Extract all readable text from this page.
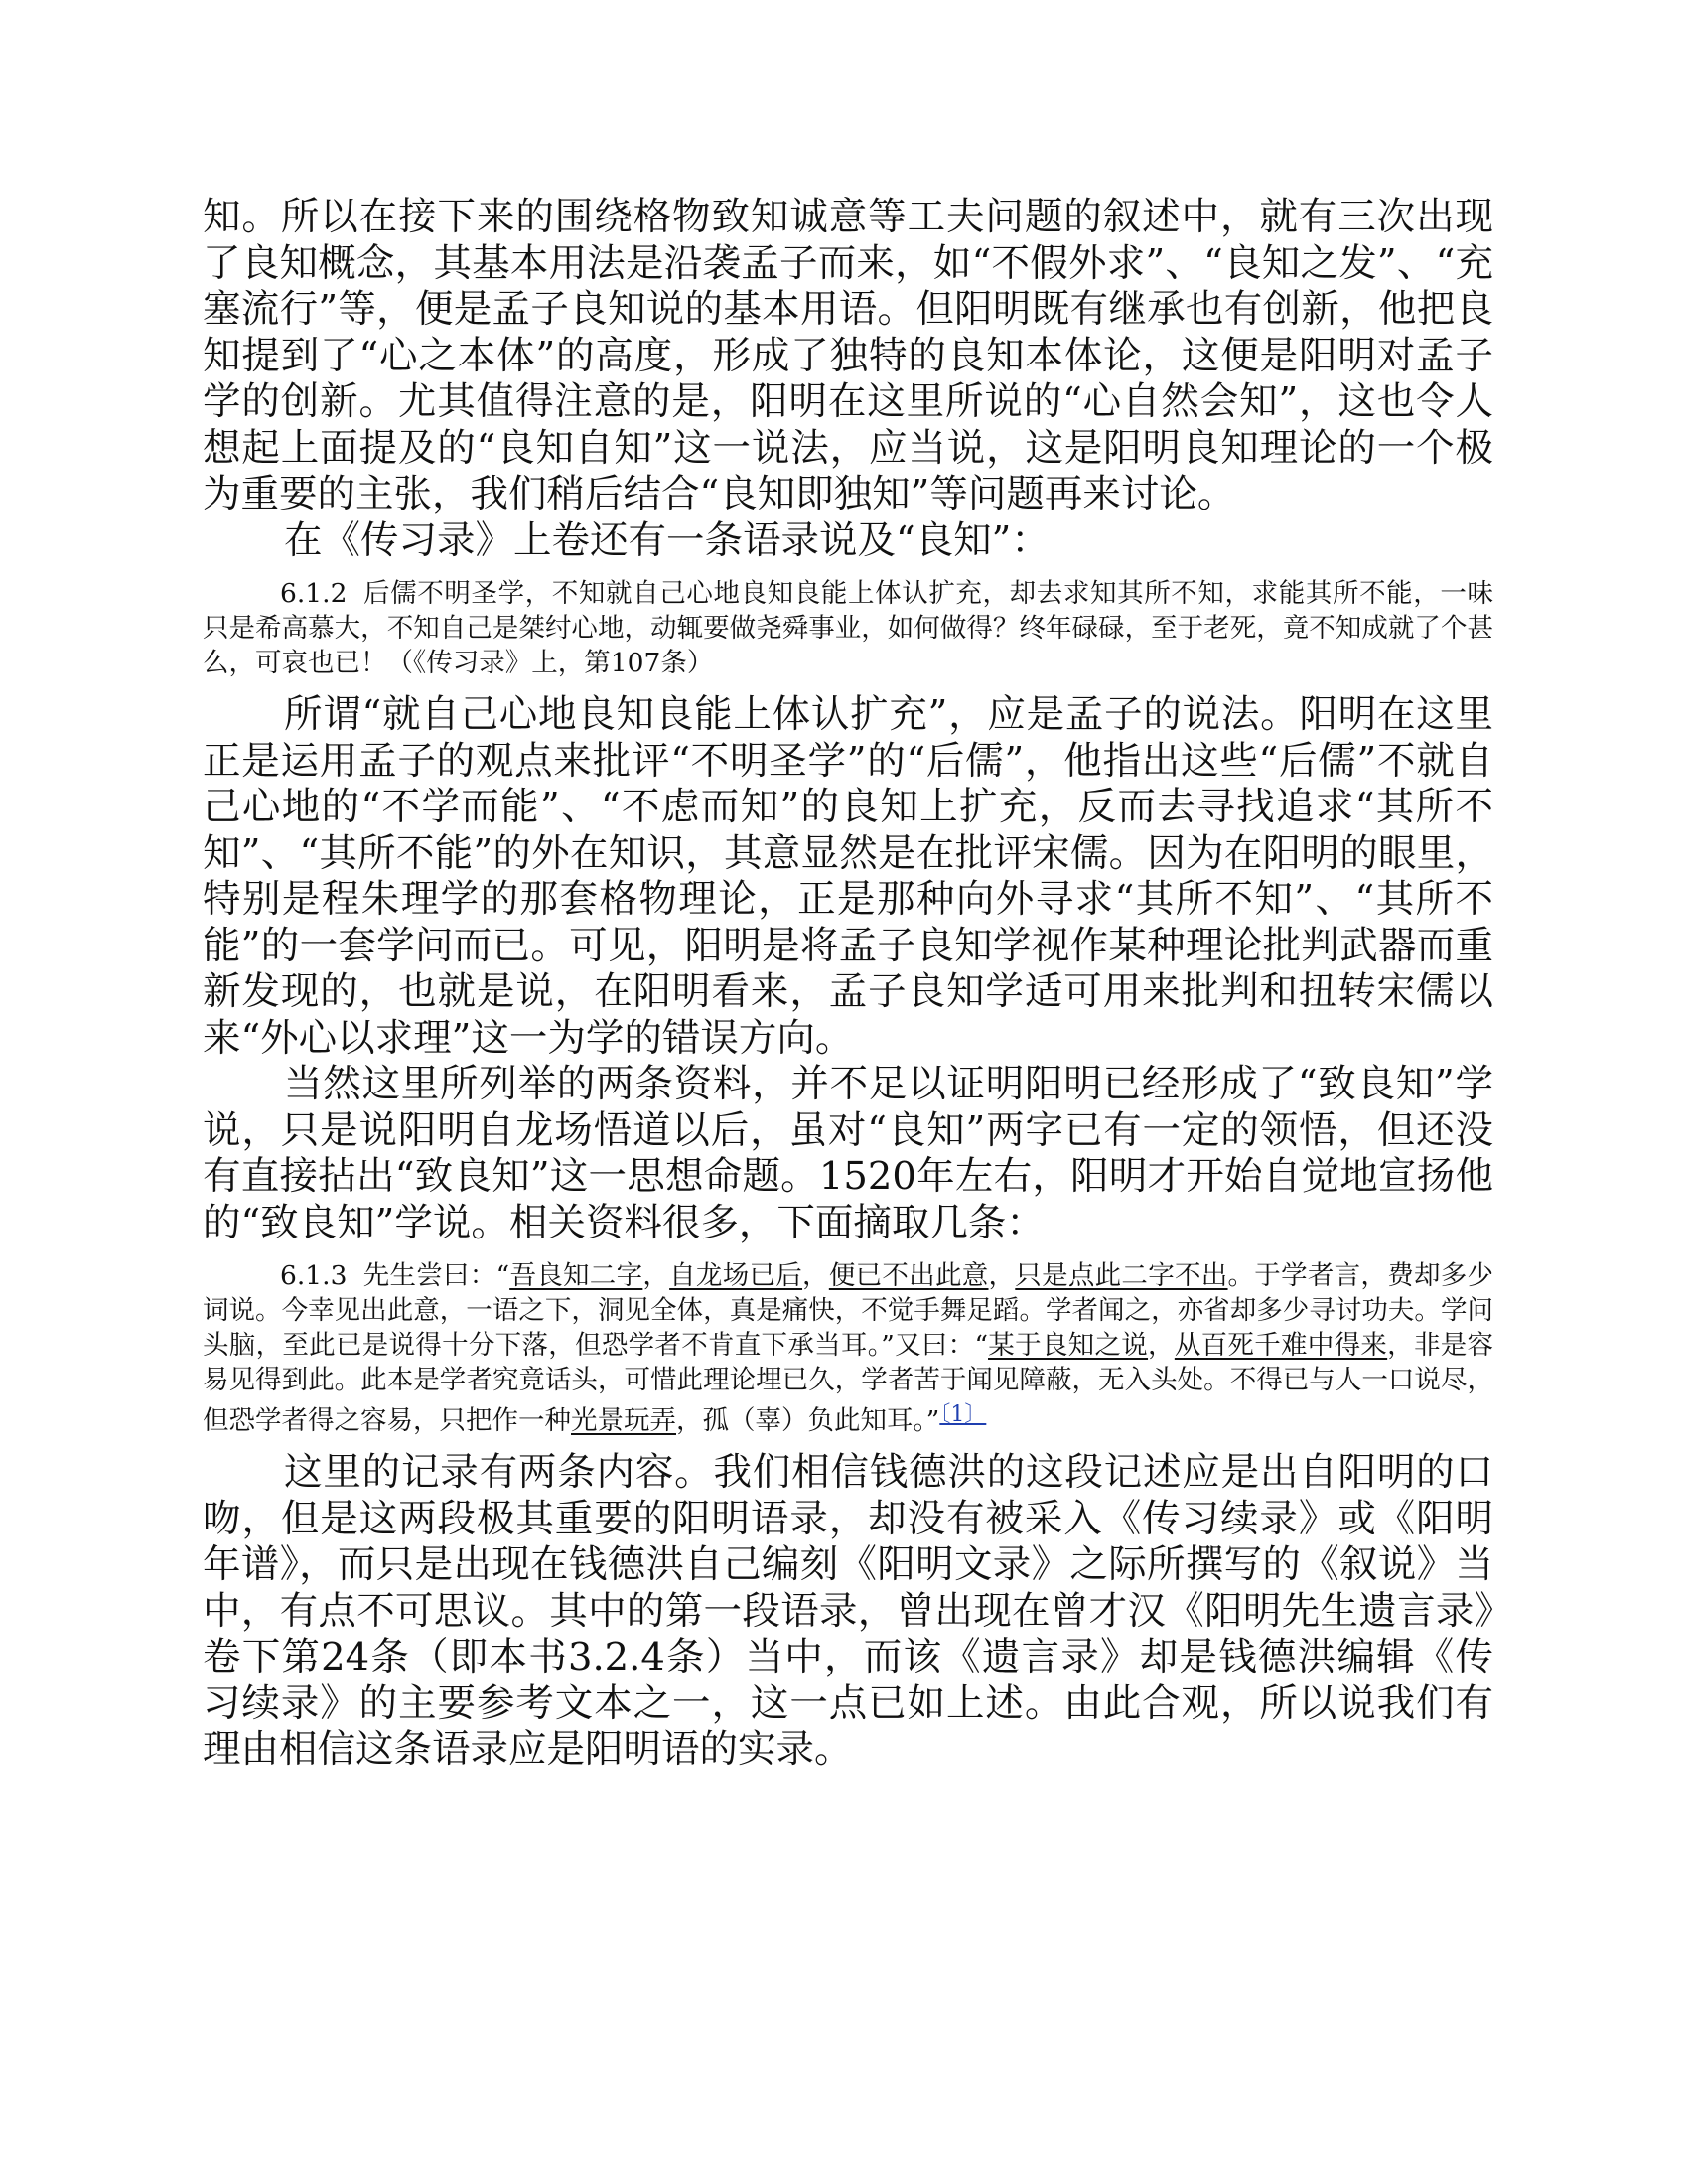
知。所以在接下来的围绕格物致知诚意等工夫问题的叙述中，就有三次出现了良知概念，其基本用法是沿袭孟子而来，如“不假外求”、“良知之发”、“充塞流行”等，便是孟子良知说的基本用语。但阳明既有继承也有创新，他把良知提到了“心之本体”的高度，形成了独特的良知本体论，这便是阳明对孟子学的创新。尤其值得注意的是，阳明在这里所说的“心自然会知”，这也令人想起上面提及的“良知自知”这一说法，应当说，这是阳明良知理论的一个极为重要的主张，我们稍后结合“良知即独知”等问题再来讨论。

在《传习录》上卷还有一条语录说及“良知”：

6.1.2 后儒不明圣学，不知就自己心地良知良能上体认扩充，却去求知其所不知，求能其所不能，一味只是希高慕大，不知自己是桀纣心地，动辄要做尧舜事业，如何做得？终年碌碌，至于老死，竟不知成就了个甚么，可哀也已！（《传习录》上，第107条）

所谓“就自己心地良知良能上体认扩充”，应是孟子的说法。阳明在这里正是运用孟子的观点来批评“不明圣学”的“后儒”，他指出这些“后儒”不就自己心地的“不学而能”、“不虑而知”的良知上扩充，反而去寻找追求“其所不知”、“其所不能”的外在知识，其意显然是在批评宋儒。因为在阳明的眼里，特别是程朱理学的那套格物理论，正是那种向外寻求“其所不知”、“其所不能”的一套学问而已。可见，阳明是将孟子良知学视作某种理论批判武器而重新发现的，也就是说，在阳明看来，孟子良知学适可用来批判和扭转宋儒以来“外心以求理”这一为学的错误方向。

当然这里所列举的两条资料，并不足以证明阳明已经形成了“致良知”学说，只是说阳明自龙场悟道以后，虽对“良知”两字已有一定的领悟，但还没有直接拈出“致良知”这一思想命题。1520年左右，阳明才开始自觉地宣扬他的“致良知”学说。相关资料很多，下面摘取几条：

6.1.3 先生尝曰：“吾良知二字，自龙场已后，便已不出此意，只是点此二字不出。于学者言，费却多少词说。今幸见出此意，一语之下，洞见全体，真是痛快，不觉手舞足蹈。学者闻之，亦省却多少寻讨功夫。学问头脑，至此已是说得十分下落，但恐学者不肯直下承当耳。”又曰：“某于良知之说，从百死千难中得来，非是容易见得到此。此本是学者究竟话头，可惜此理论埋已久，学者苦于闻见障蔽，无入头处。不得已与人一口说尽，但恐学者得之容易，只把作一种光景玩弄，孤（辜）负此知耳。”$^{〔1〕}$

这里的记录有两条内容。我们相信钱德洪的这段记述应是出自阳明的口吻，但是这两段极其重要的阳明语录，却没有被采入《传习续录》或《阳明年谱》，而只是出现在钱德洪自己编刻《阳明文录》之际所撰写的《叙说》当中，有点不可思议。其中的第一段语录，曾出现在曾才汉《阳明先生遗言录》卷下第24条（即本书3.2.4条）当中，而该《遗言录》却是钱德洪编辑《传习续录》的主要参考文本之一，这一点已如上述。由此合观，所以说我们有理由相信这条语录应是阳明语的实录。
